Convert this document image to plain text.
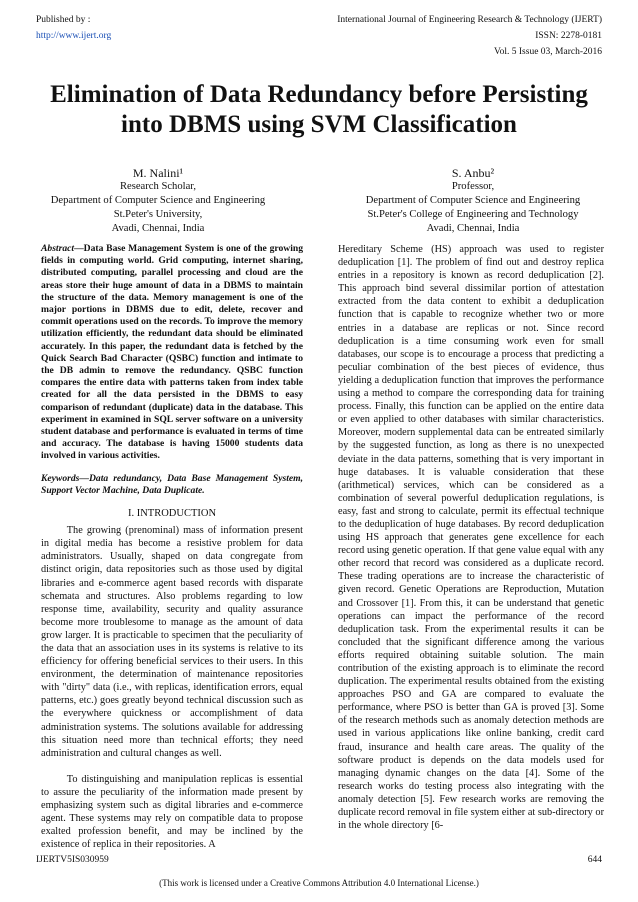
Published by :
http://www.ijert.org
International Journal of Engineering Research & Technology (IJERT)
ISSN: 2278-0181
Vol. 5 Issue 03, March-2016
Elimination of Data Redundancy before Persisting into DBMS using SVM Classification
M. Nalini¹
Research Scholar,
Department of Computer Science and Engineering
St.Peter's University,
Avadi, Chennai, India
S. Anbu²
Professor,
Department of Computer Science and Engineering
St.Peter's College of Engineering and Technology
Avadi, Chennai, India
Abstract—Data Base Management System is one of the growing fields in computing world. Grid computing, internet sharing, distributed computing, parallel processing and cloud are the areas store their huge amount of data in a DBMS to maintain the structure of the data. Memory management is one of the major portions in DBMS due to edit, delete, recover and commit operations used on the records. To improve the memory utilization efficiently, the redundant data should be eliminated accurately. In this paper, the redundant data is fetched by the Quick Search Bad Character (QSBC) function and intimate to the DB admin to remove the redundancy. QSBC function compares the entire data with patterns taken from index table created for all the data persisted in the DBMS to easy comparison of redundant (duplicate) data in the database. This experiment in examined in SQL server software on a university student database and performance is evaluated in terms of time and accuracy. The database is having 15000 students data involved in various activities.
Keywords—Data redundancy, Data Base Management System, Support Vector Machine, Data Duplicate.
I. INTRODUCTION

The growing (prenominal) mass of information present in digital media has become a resistive problem for data administrators. Usually, shaped on data congregate from distinct origin, data repositories such as those used by digital libraries and e-commerce agent based records with disparate schemata and structures. Also problems regarding to low response time, availability, security and quality assurance become more troublesome to manage as the amount of data grow larger. It is practicable to specimen that the peculiarity of the data that an association uses in its systems is relative to its efficiency for offering beneficial services to their users. In this environment, the determination of maintenance repositories with "dirty" data (i.e., with replicas, identification errors, equal patterns, etc.) goes greatly beyond technical discussion such as the everywhere quickness or accomplishment of data administration systems. The solutions available for addressing this situation need more than technical efforts; they need administration and cultural changes as well.

To distinguishing and manipulation replicas is essential to assure the peculiarity of the information made present by emphasizing system such as digital libraries and e-commerce agent. These systems may rely on compatible data to propose exalted profession benefit, and may be inclined by the existence of replica in their repositories. A

Hereditary Scheme (HS) approach was used to register deduplication [1]. The problem of find out and destroy replica entries in a repository is known as record deduplication [2]. This approach bind several dissimilar portion of attestation extracted from the data content to exhibit a deduplication function that is capable to recognize whether two or more entries in a database are replicas or not. Since record deduplication is a time consuming work even for small databases, our scope is to encourage a process that predicting a peculiar combination of the best pieces of evidence, thus yielding a deduplication function that improves the performance using a method to compare the corresponding data for training process. Finally, this function can be applied on the entire data or even applied to other databases with similar characteristics. Moreover, modern supplemental data can be entreated similarly by the suggested function, as long as there is no unexpected deviate in the data patterns, something that is very important in huge databases. It is valuable consideration that these (arithmetical) services, which can be considered as a combination of several powerful deduplication regulations, is easy, fast and strong to calculate, permit its effectual technique to the deduplication of huge databases. By record deduplication using HS approach that generates gene excellence for each record using genetic operation. If that gene value equal with any other record that record was considered as a duplicate record. These trading operations are to increase the characteristic of given record. Genetic Operations are Reproduction, Mutation and Crossover [1]. From this, it can be understand that genetic operations can impact the performance of the record deduplication task. From the experimental results it can be concluded that the significant difference among the various efforts required obtaining suitable solution. The main contribution of the existing approach is to eliminate the record duplication. The experimental results obtained from the existing approaches PSO and GA are compared to evaluate the performance, where PSO is better than GA is proved [3]. Some of the research methods such as anomaly detection methods are used in various applications like online banking, credit card fraud, insurance and health care areas. The quality of the software product is depends on the data models used for managing dynamic changes on the data [4]. Some of the research works do testing process also integrating with the anomaly detection [5]. Few research works are removing the duplicate record removal in file system either at sub-directory or in the whole directory [6-

IJERTV5IS030959	644
(This work is licensed under a Creative Commons Attribution 4.0 International License.)
